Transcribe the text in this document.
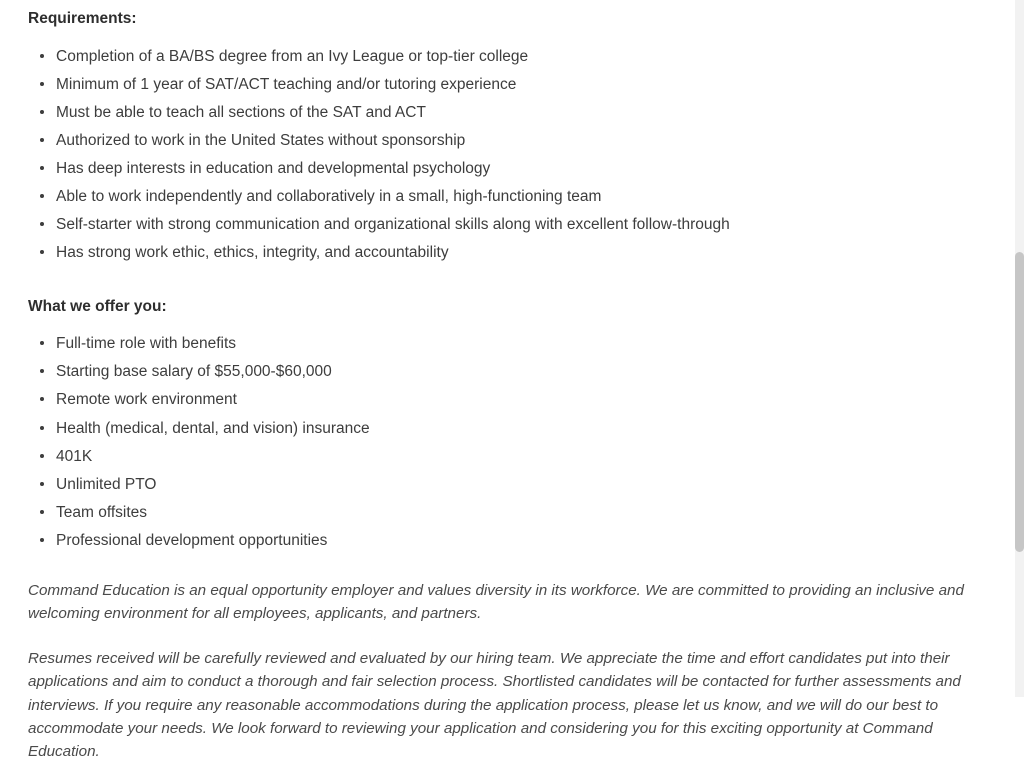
Requirements:
Completion of a BA/BS degree from an Ivy League or top-tier college
Minimum of 1 year of SAT/ACT teaching and/or tutoring experience
Must be able to teach all sections of the SAT and ACT
Authorized to work in the United States without sponsorship
Has deep interests in education and developmental psychology
Able to work independently and collaboratively in a small, high-functioning team
Self-starter with strong communication and organizational skills along with excellent follow-through
Has strong work ethic, ethics, integrity, and accountability
What we offer you:
Full-time role with benefits
Starting base salary of $55,000-$60,000
Remote work environment
Health (medical, dental, and vision) insurance
401K
Unlimited PTO
Team offsites
Professional development opportunities

Command Education is an equal opportunity employer and values diversity in its workforce. We are committed to providing an inclusive and welcoming environment for all employees, applicants, and partners.

Resumes received will be carefully reviewed and evaluated by our hiring team. We appreciate the time and effort candidates put into their applications and aim to conduct a thorough and fair selection process. Shortlisted candidates will be contacted for further assessments and interviews. If you require any reasonable accommodations during the application process, please let us know, and we will do our best to accommodate your needs. We look forward to reviewing your application and considering you for this exciting opportunity at Command Education.
